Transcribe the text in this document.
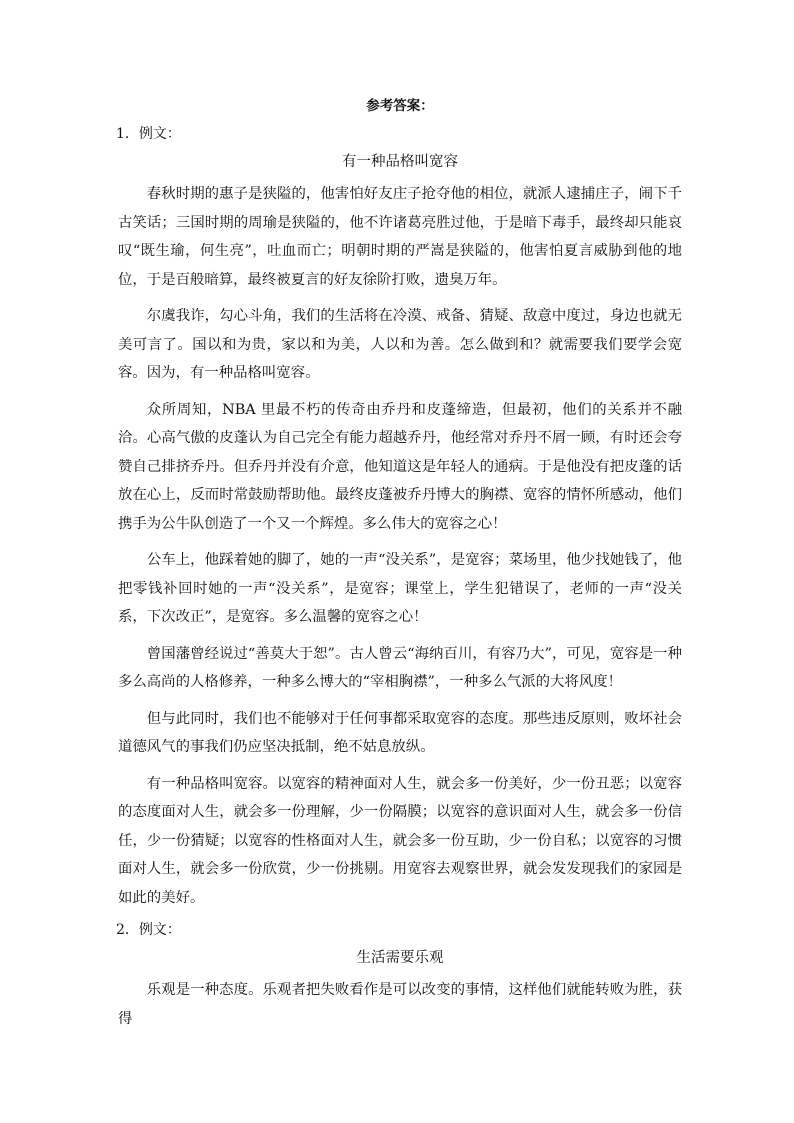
参考答案：
1．例文：
有一种品格叫宽容

春秋时期的惠子是狭隘的，他害怕好友庄子抢夺他的相位，就派人逮捕庄子，闹下千古笑话；三国时期的周瑜是狭隘的，他不许诸葛亮胜过他，于是暗下毒手，最终却只能哀叹“既生瑜，何生亮”，吐血而亡；明朝时期的严嵩是狭隘的，他害怕夏言威胁到他的地位，于是百般暗算，最终被夏言的好友徐阶打败，遗臭万年。

尔虞我诈，勾心斗角，我们的生活将在冷漠、戒备、猜疑、敌意中度过，身边也就无美可言了。国以和为贵，家以和为美，人以和为善。怎么做到和？就需要我们要学会宽容。因为，有一种品格叫宽容。

众所周知，NBA 里最不朽的传奇由乔丹和皮蓬缔造，但最初，他们的关系并不融洽。心高气傲的皮蓬认为自己完全有能力超越乔丹，他经常对乔丹不屑一顾，有时还会夸赞自己排挤乔丹。但乔丹并没有介意，他知道这是年轻人的通病。于是他没有把皮蓬的话放在心上，反而时常鼓励帮助他。最终皮蓬被乔丹博大的胸襟、宽容的情怀所感动，他们携手为公牛队创造了一个又一个辉煌。多么伟大的宽容之心！

公车上，他踩着她的脚了，她的一声“没关系”，是宽容；菜场里，他少找她钱了，他把零钱补回时她的一声“没关系”，是宽容；课堂上，学生犯错误了，老师的一声“没关系，下次改正”，是宽容。多么温馨的宽容之心！

曾国藩曾经说过“善莫大于恕”。古人曾云“海纳百川，有容乃大”，可见，宽容是一种多么高尚的人格修养，一种多么博大的“宰相胸襟”，一种多么气派的大将风度！

但与此同时，我们也不能够对于任何事都采取宽容的态度。那些违反原则，败坏社会道德风气的事我们仍应坚决抵制，绝不姑息放纵。

有一种品格叫宽容。以宽容的精神面对人生，就会多一份美好，少一份丑恶；以宽容的态度面对人生，就会多一份理解，少一份隔膜；以宽容的意识面对人生，就会多一份信任，少一份猜疑；以宽容的性格面对人生，就会多一份互助，少一份自私；以宽容的习惯面对人生，就会多一份欣赏，少一份挑剔。用宽容去观察世界，就会发发现我们的家园是如此的美好。

2．例文：
生活需要乐观

乐观是一种态度。乐观者把失败看作是可以改变的事情，这样他们就能转败为胜，获得
